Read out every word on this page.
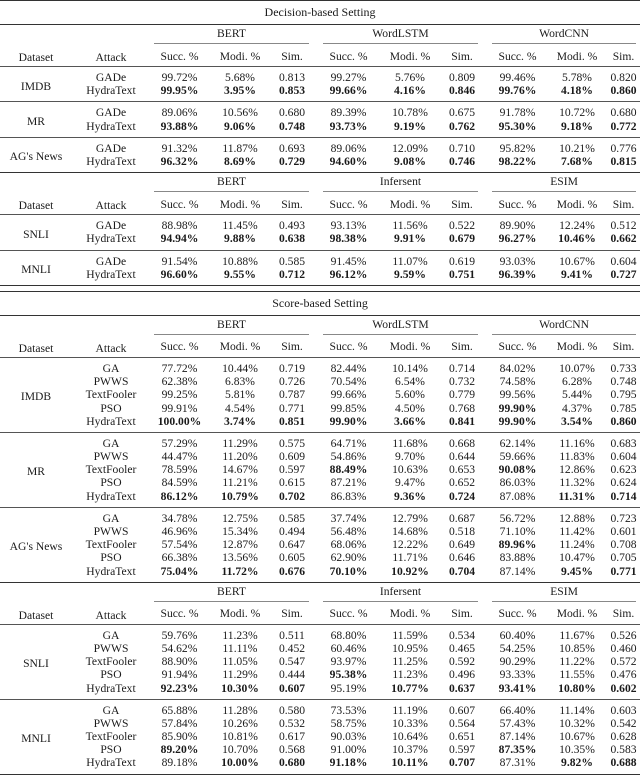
Decision-based Setting												
Dataset	Attack	BERT				WordLSTM				WordCNN		

		Succ. %	Modi. %	Sim.		Succ. %	Modi. %	Sim.		Succ. %	Modi. %	Sim.
IMDB	GADe	99.72%	5.68%	0.813		99.27%	5.76%	0.809		99.46%	5.78%	0.820
	HydraText	99.95%	3.95%	0.853		99.66%	4.16%	0.846		99.76%	4.18%	0.860
MR	GADe	89.06%	10.56%	0.680		89.39%	10.78%	0.675		91.78%	10.72%	0.680
	HydraText	93.88%	9.06%	0.748		93.73%	9.19%	0.762		95.30%	9.18%	0.772
AG's News	GADe	91.32%	11.87%	0.693		89.06%	12.09%	0.710		95.82%	10.21%	0.776
	HydraText	96.32%	8.69%	0.729		94.60%	9.08%	0.746		98.22%	7.68%	0.815
Dataset	Attack	BERT				Infersent				ESIM		

		Succ. %	Modi. %	Sim.		Succ. %	Modi. %	Sim.		Succ. %	Modi. %	Sim.
SNLI	GADe	88.98%	11.45%	0.493		93.13%	11.56%	0.522		89.90%	12.24%	0.512
	HydraText	94.94%	9.88%	0.638		98.38%	9.91%	0.679		96.27%	10.46%	0.662
MNLI	GADe	91.54%	10.88%	0.585		91.45%	11.07%	0.619		93.03%	10.67%	0.604
	HydraText	96.60%	9.55%	0.712		96.12%	9.59%	0.751		96.39%	9.41%	0.727

Score-based Setting												
Dataset	Attack	BERT				WordLSTM				WordCNN		

		Succ. %	Modi. %	Sim.		Succ. %	Modi. %	Sim.		Succ. %	Modi. %	Sim.
IMDB	GA	77.72%	10.44%	0.719		82.44%	10.14%	0.714		84.02%	10.07%	0.733
	PWWS	62.38%	6.83%	0.726		70.54%	6.54%	0.732		74.58%	6.28%	0.748
	TextFooler	99.25%	5.81%	0.787		99.66%	5.60%	0.779		99.56%	5.44%	0.795
	PSO	99.91%	4.54%	0.771		99.85%	4.50%	0.768		99.90%	4.37%	0.785
	HydraText	100.00%	3.74%	0.851		99.90%	3.66%	0.841		99.90%	3.54%	0.860
MR	GA	57.29%	11.29%	0.575		64.71%	11.68%	0.668		62.14%	11.16%	0.683
	PWWS	44.47%	11.20%	0.609		54.86%	9.70%	0.644		59.66%	11.83%	0.604
	TextFooler	78.59%	14.67%	0.597		88.49%	10.63%	0.653		90.08%	12.86%	0.623
	PSO	84.59%	11.21%	0.615		87.21%	9.47%	0.652		86.03%	11.32%	0.624
	HydraText	86.12%	10.79%	0.702		86.83%	9.36%	0.724		87.08%	11.31%	0.714
AG's News	GA	34.78%	12.75%	0.585		37.74%	12.79%	0.687		56.72%	12.88%	0.723
	PWWS	46.96%	15.34%	0.494		56.48%	14.68%	0.518		71.10%	11.42%	0.601
	TextFooler	57.54%	12.87%	0.647		68.06%	12.22%	0.649		89.96%	11.24%	0.708
	PSO	66.38%	13.56%	0.605		62.90%	11.71%	0.646		83.88%	10.47%	0.705
	HydraText	75.04%	11.72%	0.676		70.10%	10.92%	0.704		87.14%	9.45%	0.771
Dataset	Attack	BERT				Infersent				ESIM		

		Succ. %	Modi. %	Sim.		Succ. %	Modi. %	Sim.		Succ. %	Modi. %	Sim.
SNLI	GA	59.76%	11.23%	0.511		68.80%	11.59%	0.534		60.40%	11.67%	0.526
	PWWS	54.62%	11.11%	0.452		60.46%	10.95%	0.465		54.25%	10.85%	0.460
	TextFooler	88.90%	11.05%	0.547		93.97%	11.25%	0.592		90.29%	11.22%	0.572
	PSO	91.94%	11.29%	0.444		95.38%	11.23%	0.496		93.33%	11.55%	0.476
	HydraText	92.23%	10.30%	0.607		95.19%	10.77%	0.637		93.41%	10.80%	0.602
MNLI	GA	65.88%	11.28%	0.580		73.53%	11.19%	0.607		66.40%	11.14%	0.603
	PWWS	57.84%	10.26%	0.532		58.75%	10.33%	0.564		57.43%	10.32%	0.542
	TextFooler	85.90%	10.81%	0.617		90.03%	10.64%	0.651		87.14%	10.67%	0.628
	PSO	89.20%	10.70%	0.568		91.00%	10.37%	0.597		87.35%	10.35%	0.583
	HydraText	89.18%	10.00%	0.680		91.18%	10.11%	0.707		87.31%	9.82%	0.688
